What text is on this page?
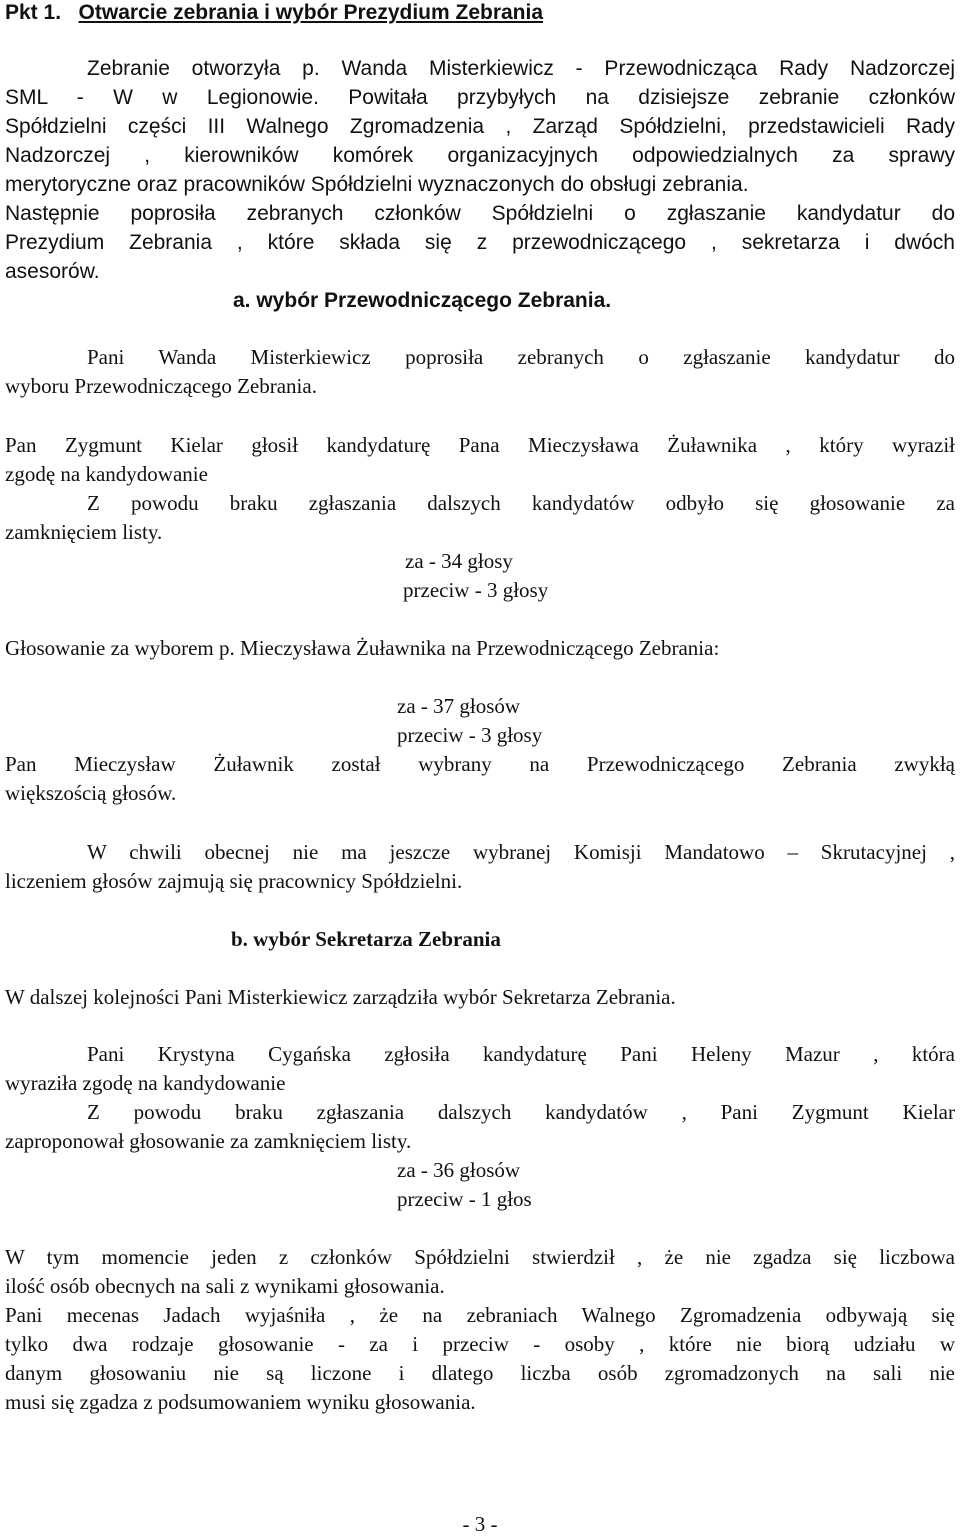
Pkt 1. Otwarcie zebrania i wybór Prezydium Zebrania
Zebranie otworzyła p. Wanda Misterkiewicz - Przewodnicząca Rady Nadzorczej
SML - W w Legionowie. Powitała przybyłych na dzisiejsze zebranie członków
Spółdzielni części III Walnego Zgromadzenia , Zarząd Spółdzielni, przedstawicieli Rady
Nadzorczej , kierowników komórek organizacyjnych odpowiedzialnych za sprawy
merytoryczne oraz pracowników Spółdzielni wyznaczonych do obsługi zebrania.
Następnie poprosiła zebranych członków Spółdzielni o zgłaszanie kandydatur do
Prezydium Zebrania , które składa się z przewodniczącego , sekretarza i dwóch
asesorów.
a. wybór Przewodniczącego Zebrania.
Pani Wanda Misterkiewicz poprosiła zebranych o zgłaszanie kandydatur do
wyboru Przewodniczącego Zebrania.
Pan Zygmunt Kielar głosił kandydaturę Pana Mieczysława Żuławnika , który wyraził
zgodę na kandydowanie
Z powodu braku zgłaszania dalszych kandydatów odbyło się głosowanie za
zamknięciem listy.
za - 34 głosy
przeciw - 3 głosy
Głosowanie za wyborem p. Mieczysława Żuławnika na Przewodniczącego Zebrania:
za - 37 głosów
przeciw - 3 głosy
Pan Mieczysław Żuławnik został wybrany na Przewodniczącego Zebrania zwykłą
większością głosów.
W chwili obecnej nie ma jeszcze wybranej Komisji Mandatowo – Skrutacyjnej ,
liczeniem głosów zajmują się pracownicy Spółdzielni.
b. wybór Sekretarza Zebrania
W dalszej kolejności Pani Misterkiewicz zarządziła wybór Sekretarza Zebrania.
Pani Krystyna Cygańska zgłosiła kandydaturę Pani Heleny Mazur , która
wyraziła zgodę na kandydowanie
Z powodu braku zgłaszania dalszych kandydatów , Pani Zygmunt Kielar
zaproponował głosowanie za zamknięciem listy.
za - 36 głosów
przeciw - 1 głos
W tym momencie jeden z członków Spółdzielni stwierdził , że nie zgadza się liczbowa
ilość osób obecnych na sali z wynikami głosowania.
Pani mecenas Jadach wyjaśniła , że na zebraniach Walnego Zgromadzenia odbywają się
tylko dwa rodzaje głosowanie - za i przeciw - osoby , które nie biorą udziału w
danym głosowaniu nie są liczone i dlatego liczba osób zgromadzonych na sali nie
musi się zgadza z podsumowaniem wyniku głosowania.
- 3 -
